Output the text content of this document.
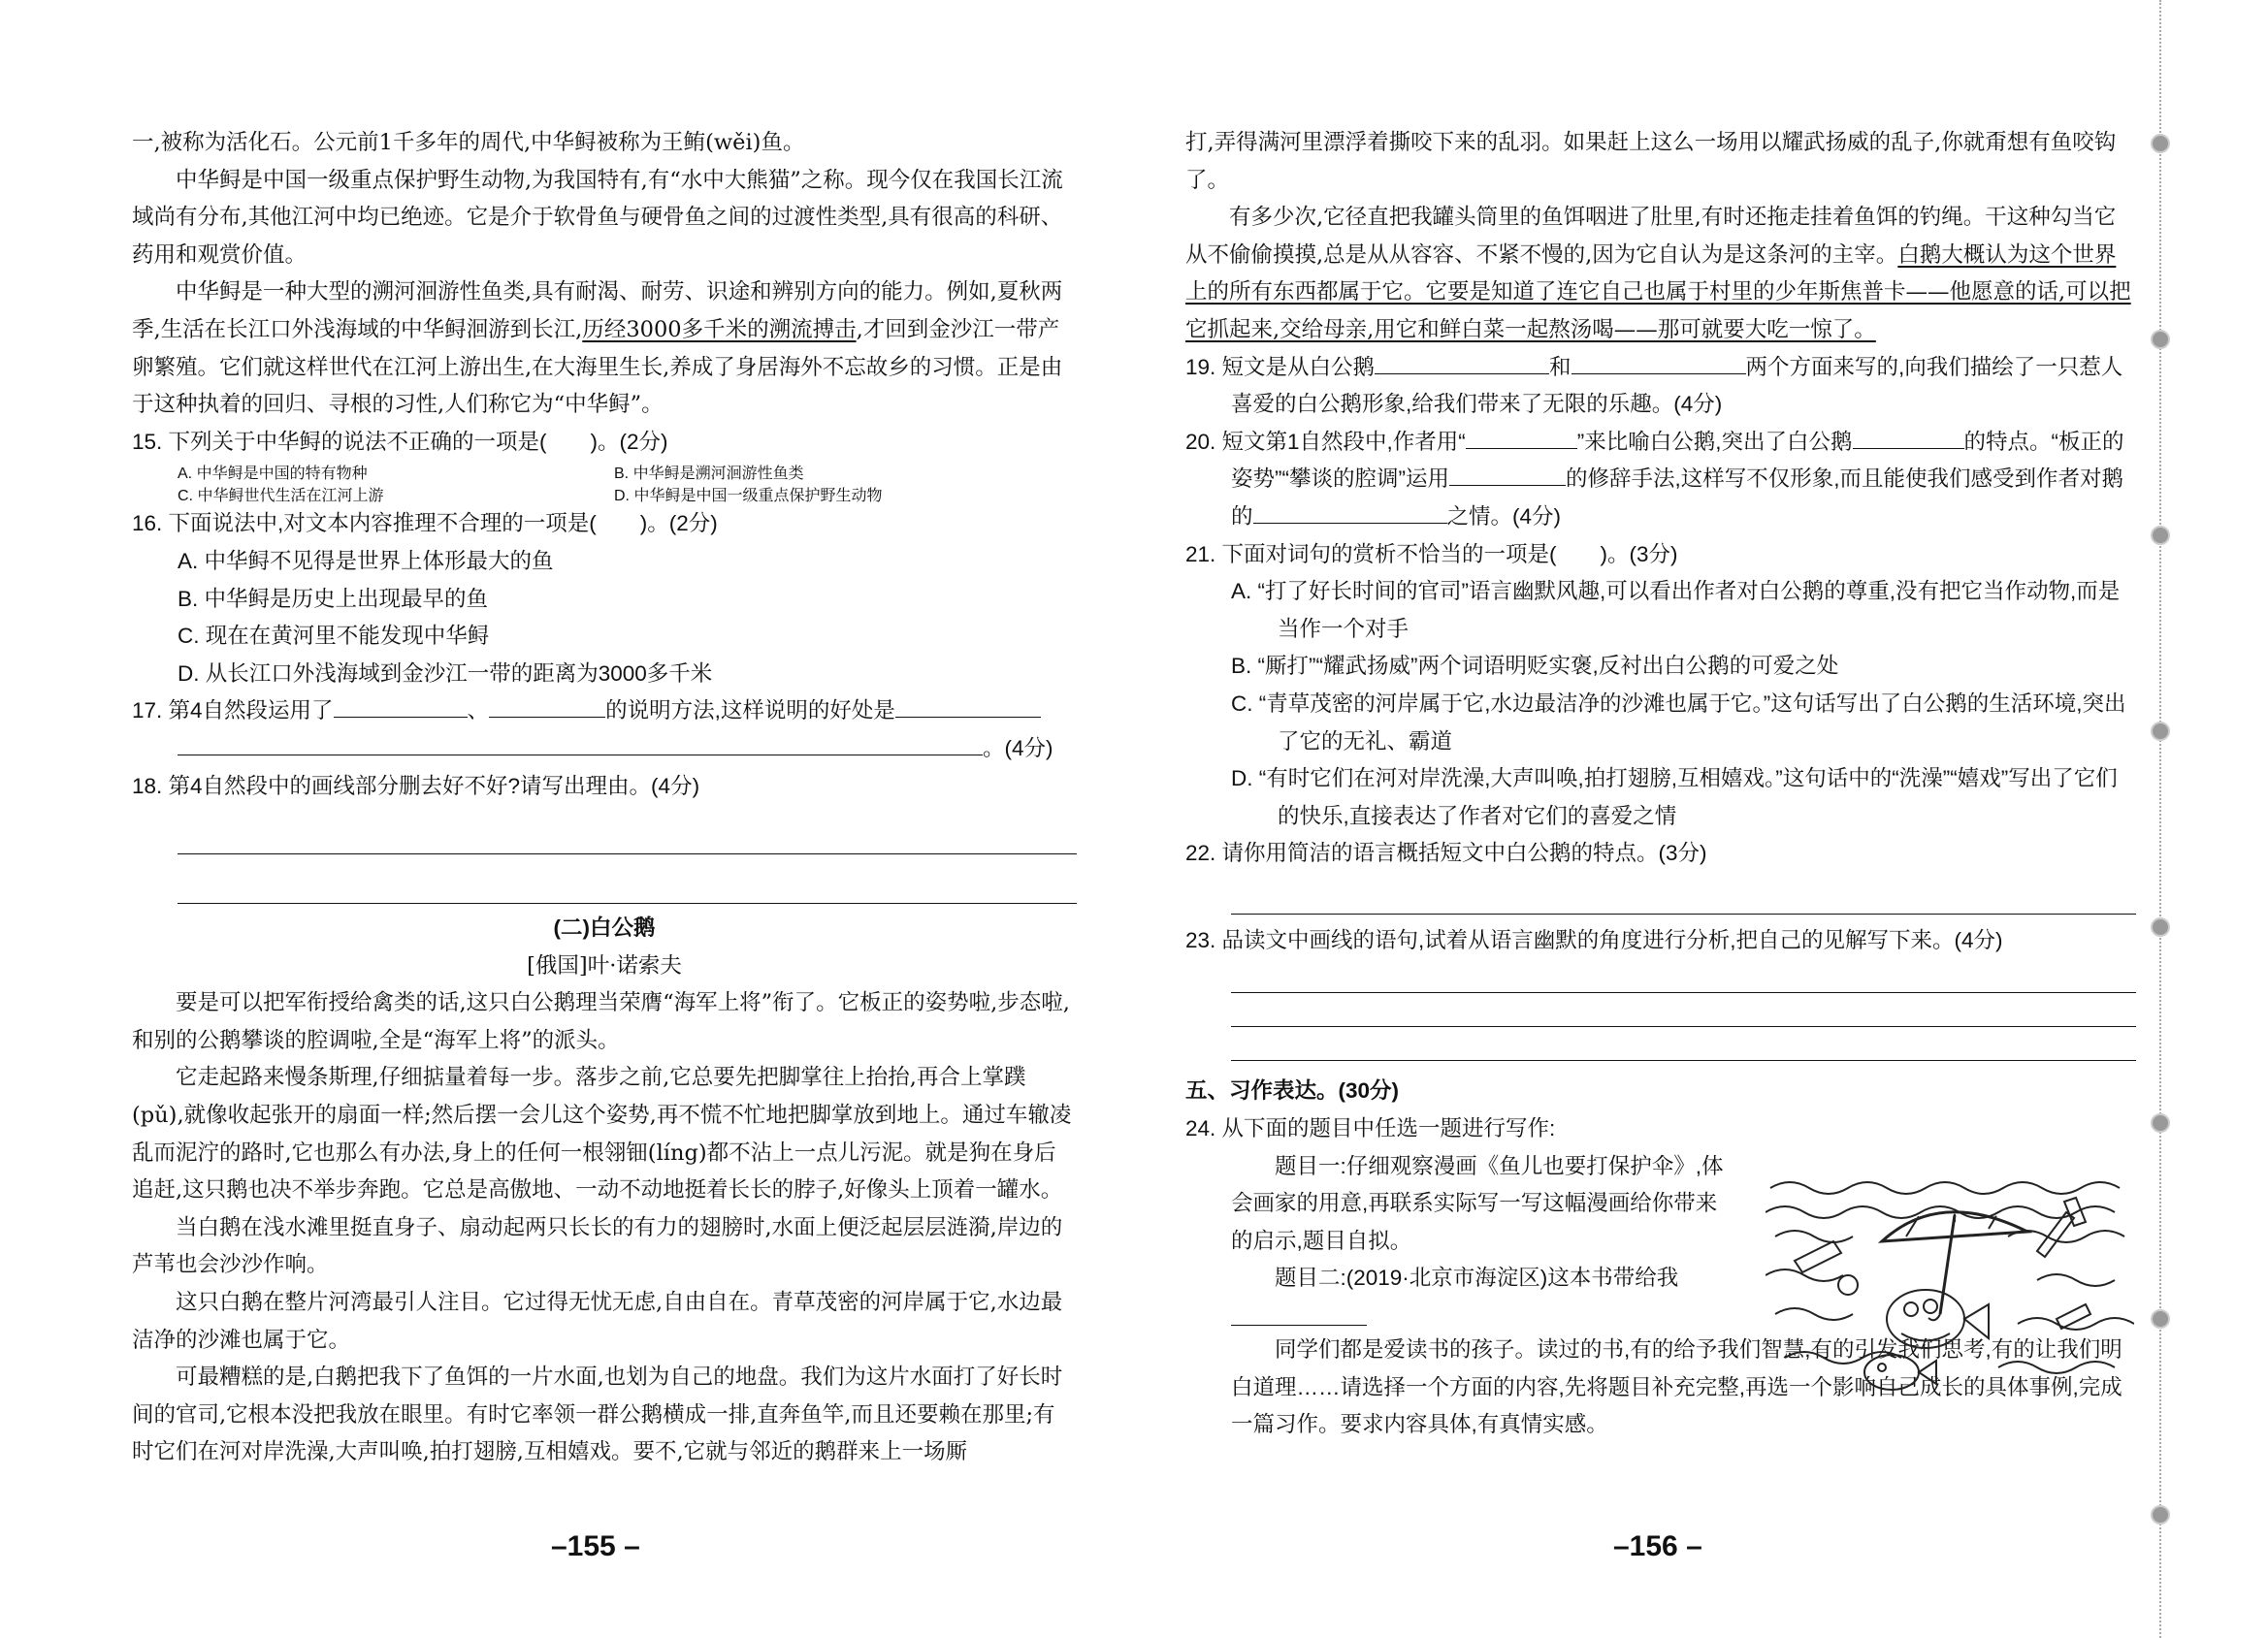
一,被称为活化石。公元前1千多年的周代,中华鲟被称为王鲔(wěi)鱼。

中华鲟是中国一级重点保护野生动物,为我国特有,有“水中大熊猫”之称。现今仅在我国长江流域尚有分布,其他江河中均已绝迹。它是介于软骨鱼与硬骨鱼之间的过渡性类型,具有很高的科研、药用和观赏价值。

中华鲟是一种大型的溯河洄游性鱼类,具有耐渴、耐劳、识途和辨别方向的能力。例如,夏秋两季,生活在长江口外浅海域的中华鲟洄游到长江,历经3000多千米的溯流搏击,才回到金沙江一带产卵繁殖。它们就这样世代在江河上游出生,在大海里生长,养成了身居海外不忘故乡的习惯。正是由于这种执着的回归、寻根的习性,人们称它为“中华鲟”。

15. 下列关于中华鲟的说法不正确的一项是(　　)。(2分)

A. 中华鲟是中国的特有物种	B. 中华鲟是溯河洄游性鱼类
C. 中华鲟世代生活在江河上游	D. 中华鲟是中国一级重点保护野生动物

16. 下面说法中,对文本内容推理不合理的一项是(　　)。(2分)

A. 中华鲟不见得是世界上体形最大的鱼

B. 中华鲟是历史上出现最早的鱼

C. 现在在黄河里不能发现中华鲟

D. 从长江口外浅海域到金沙江一带的距离为3000多千米

17. 第4自然段运用了	、	的说明方法,这样说明的好处是

。(4分)

18. 第4自然段中的画线部分删去好不好?请写出理由。(4分)

(二)白公鹅

[俄国]叶·诺索夫

要是可以把军衔授给禽类的话,这只白公鹅理当荣膺“海军上将”衔了。它板正的姿势啦,步态啦,和别的公鹅攀谈的腔调啦,全是“海军上将”的派头。

它走起路来慢条斯理,仔细掂量着每一步。落步之前,它总要先把脚掌往上抬抬,再合上掌蹼(pǔ),就像收起张开的扇面一样;然后摆一会儿这个姿势,再不慌不忙地把脚掌放到地上。通过车辙凌乱而泥泞的路时,它也那么有办法,身上的任何一根翎钿(líng)都不沾上一点儿污泥。就是狗在身后追赶,这只鹅也决不举步奔跑。它总是高傲地、一动不动地挺着长长的脖子,好像头上顶着一罐水。

当白鹅在浅水滩里挺直身子、扇动起两只长长的有力的翅膀时,水面上便泛起层层涟漪,岸边的芦苇也会沙沙作响。

这只白鹅在整片河湾最引人注目。它过得无忧无虑,自由自在。青草茂密的河岸属于它,水边最洁净的沙滩也属于它。

可最糟糕的是,白鹅把我下了鱼饵的一片水面,也划为自己的地盘。我们为这片水面打了好长时间的官司,它根本没把我放在眼里。有时它率领一群公鹅横成一排,直奔鱼竿,而且还要赖在那里;有时它们在河对岸洗澡,大声叫唤,拍打翅膀,互相嬉戏。要不,它就与邻近的鹅群来上一场厮

–155 –

打,弄得满河里漂浮着撕咬下来的乱羽。如果赶上这么一场用以耀武扬威的乱子,你就甭想有鱼咬钩了。

有多少次,它径直把我罐头筒里的鱼饵咽进了肚里,有时还拖走挂着鱼饵的钓绳。干这种勾当它从不偷偷摸摸,总是从从容容、不紧不慢的,因为它自认为是这条河的主宰。白鹅大概认为这个世界上的所有东西都属于它。它要是知道了连它自己也属于村里的少年斯焦普卡——他愿意的话,可以把它抓起来,交给母亲,用它和鲜白菜一起熬汤喝——那可就要大吃一惊了。

19. 短文是从白公鹅	和	两个方面来写的,向我们描绘了一只惹人喜爱的白公鹅形象,给我们带来了无限的乐趣。(4分)

20. 短文第1自然段中,作者用“	”来比喻白公鹅,突出了白公鹅	的特点。“板正的姿势”“攀谈的腔调”运用	的修辞手法,这样写不仅形象,而且能使我们感受到作者对鹅的	之情。(4分)

21. 下面对词句的赏析不恰当的一项是(　　)。(3分)

A. “打了好长时间的官司”语言幽默风趣,可以看出作者对白公鹅的尊重,没有把它当作动物,而是当作一个对手

B. “厮打”“耀武扬威”两个词语明贬实褒,反衬出白公鹅的可爱之处

C. “青草茂密的河岸属于它,水边最洁净的沙滩也属于它。”这句话写出了白公鹅的生活环境,突出了它的无礼、霸道

D. “有时它们在河对岸洗澡,大声叫唤,拍打翅膀,互相嬉戏。”这句话中的“洗澡”“嬉戏”写出了它们的快乐,直接表达了作者对它们的喜爱之情

22. 请你用简洁的语言概括短文中白公鹅的特点。(3分)

23. 品读文中画线的语句,试着从语言幽默的角度进行分析,把自己的见解写下来。(4分)

五、习作表达。(30分)

24. 从下面的题目中任选一题进行写作:

题目一:仔细观察漫画《鱼儿也要打保护伞》,体会画家的用意,再联系实际写一写这幅漫画给你带来的启示,题目自拟。

题目二:(2019·北京市海淀区)这本书带给我

同学们都是爱读书的孩子。读过的书,有的给予我们智慧,有的引发我们思考,有的让我们明白道理……请选择一个方面的内容,先将题目补充完整,再选一个影响自己成长的具体事例,完成一篇习作。要求内容具体,有真情实感。

–156 –
